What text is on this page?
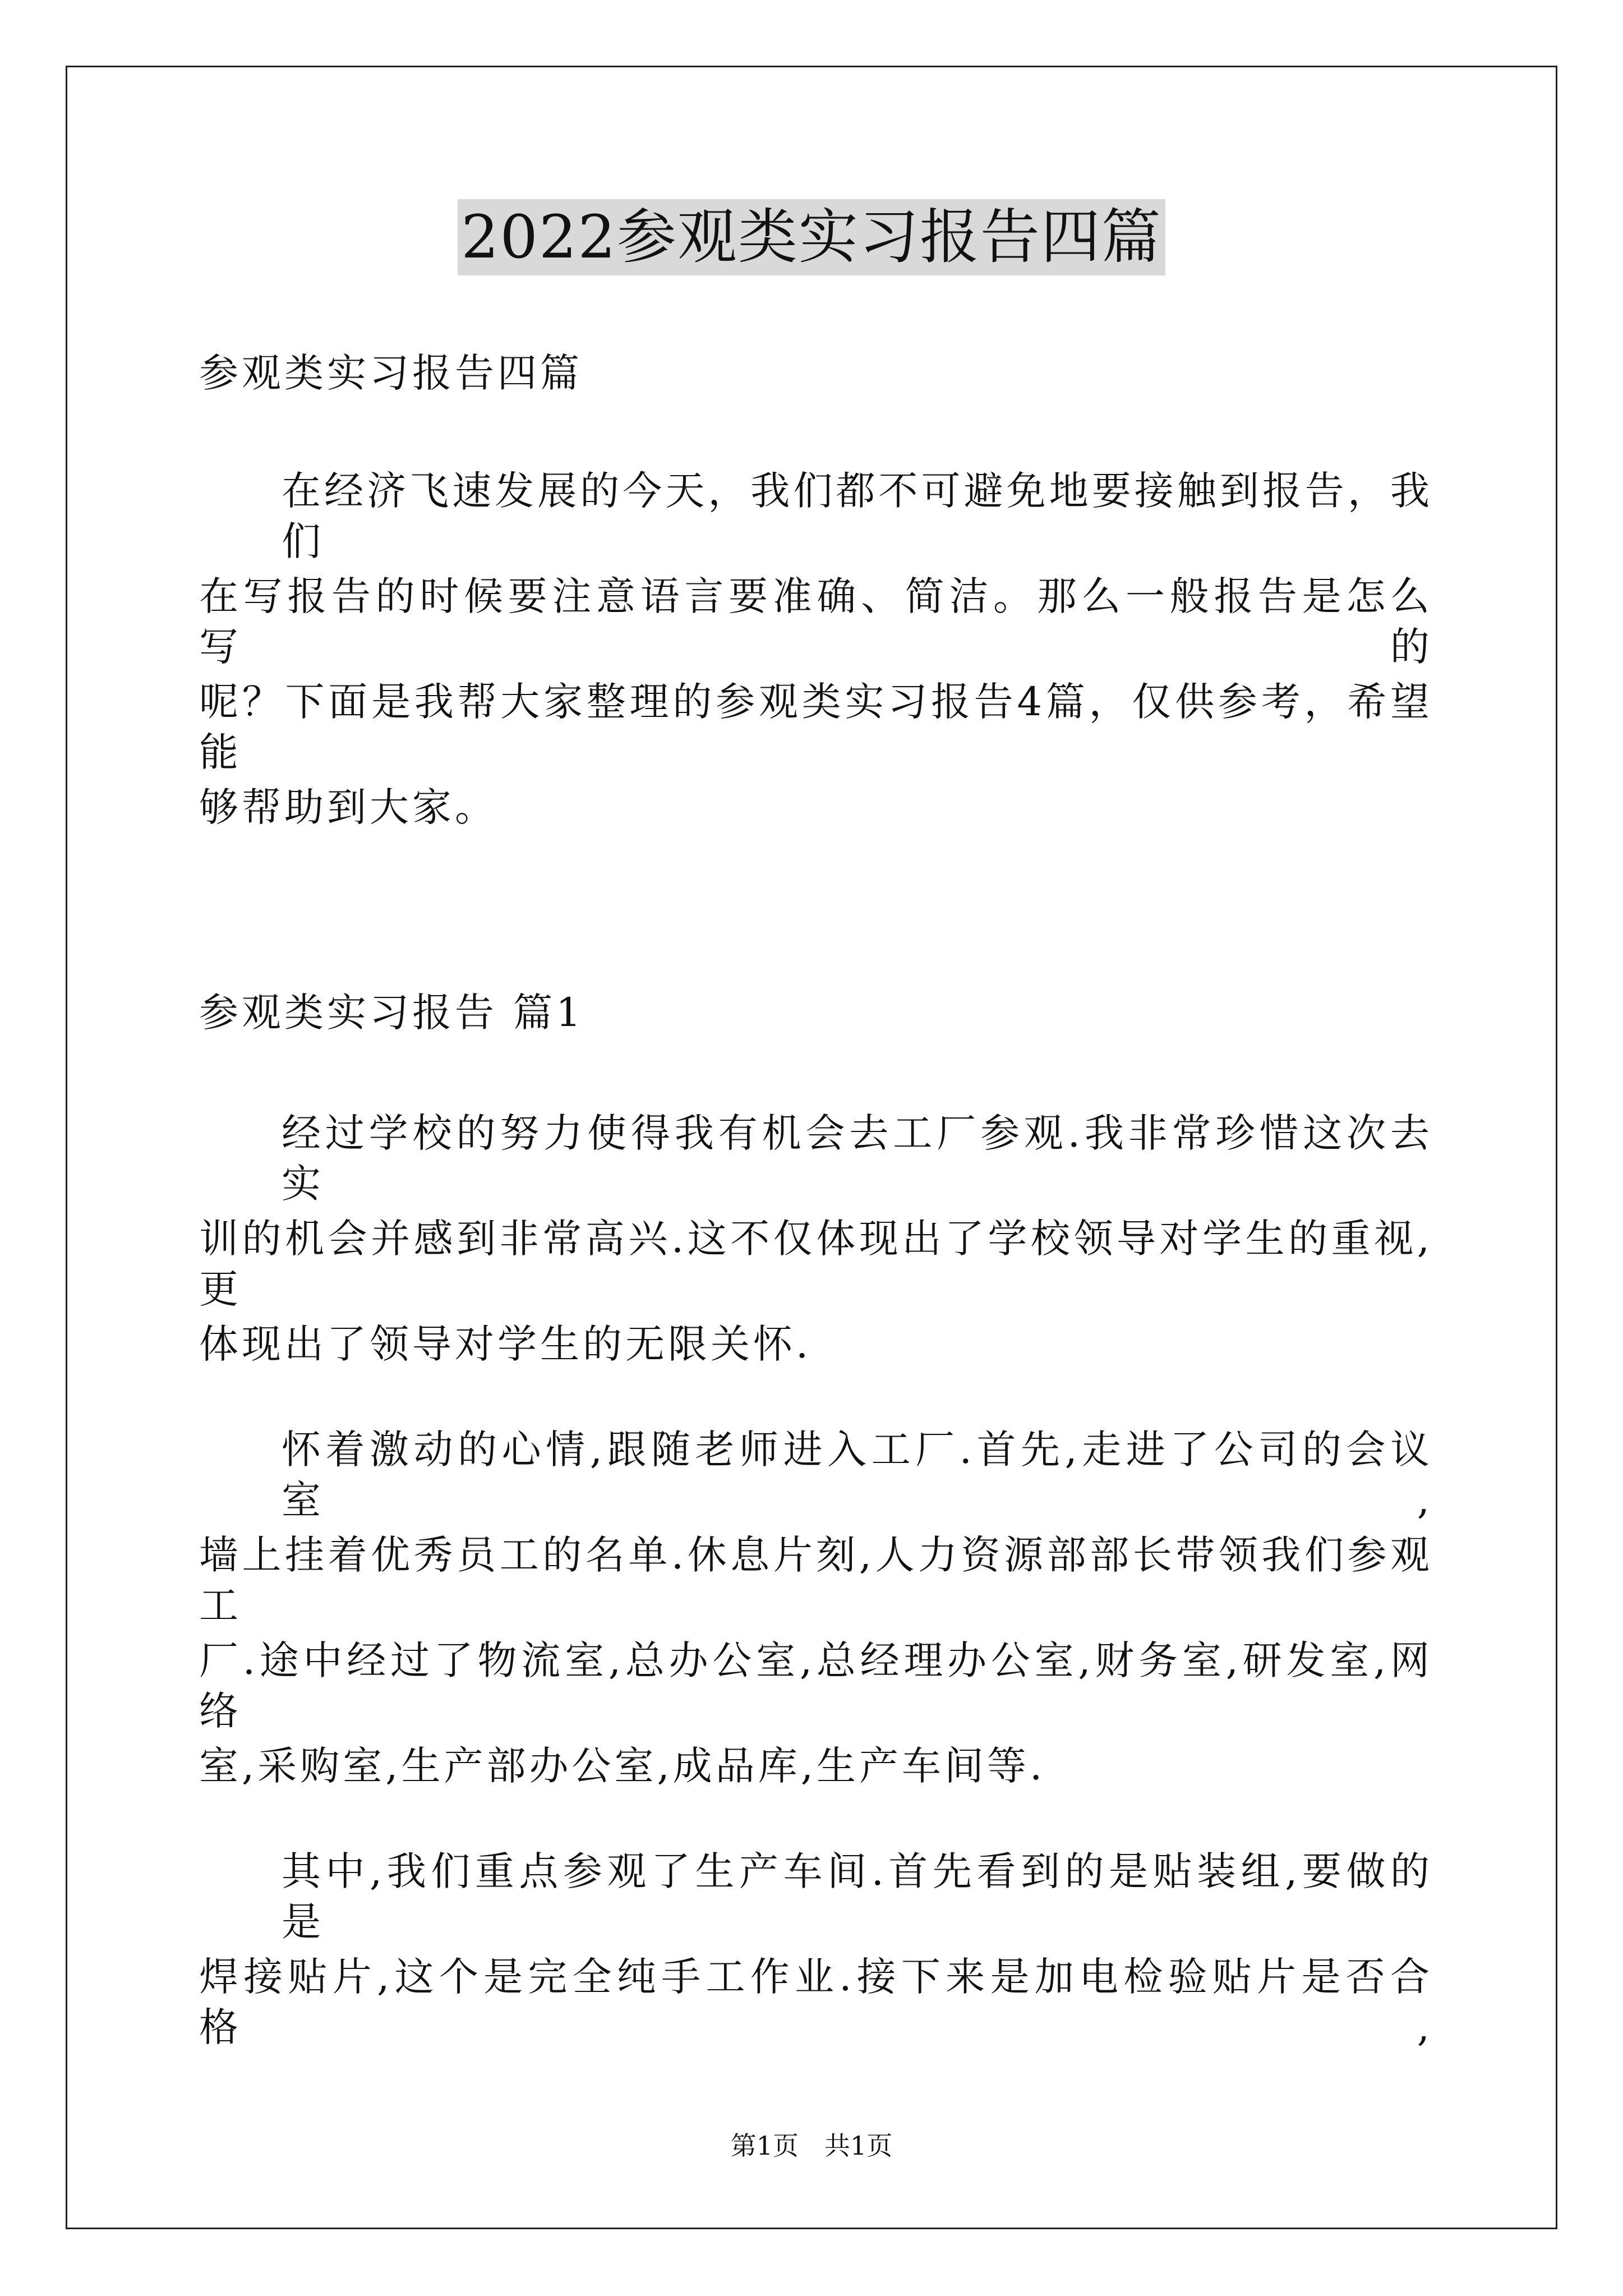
2022参观类实习报告四篇
参观类实习报告四篇
在经济飞速发展的今天，我们都不可避免地要接触到报告，我们
在写报告的时候要注意语言要准确、简洁。那么一般报告是怎么写的
呢？下面是我帮大家整理的参观类实习报告4篇，仅供参考，希望能
够帮助到大家。
参观类实习报告 篇1
经过学校的努力使得我有机会去工厂参观.我非常珍惜这次去实
训的机会并感到非常高兴.这不仅体现出了学校领导对学生的重视,更
体现出了领导对学生的无限关怀.
怀着激动的心情,跟随老师进入工厂.首先,走进了公司的会议室,
墙上挂着优秀员工的名单.休息片刻,人力资源部部长带领我们参观工
厂.途中经过了物流室,总办公室,总经理办公室,财务室,研发室,网络
室,采购室,生产部办公室,成品库,生产车间等.
其中,我们重点参观了生产车间.首先看到的是贴装组,要做的是
焊接贴片,这个是完全纯手工作业.接下来是加电检验贴片是否合格,
第1页　共1页
